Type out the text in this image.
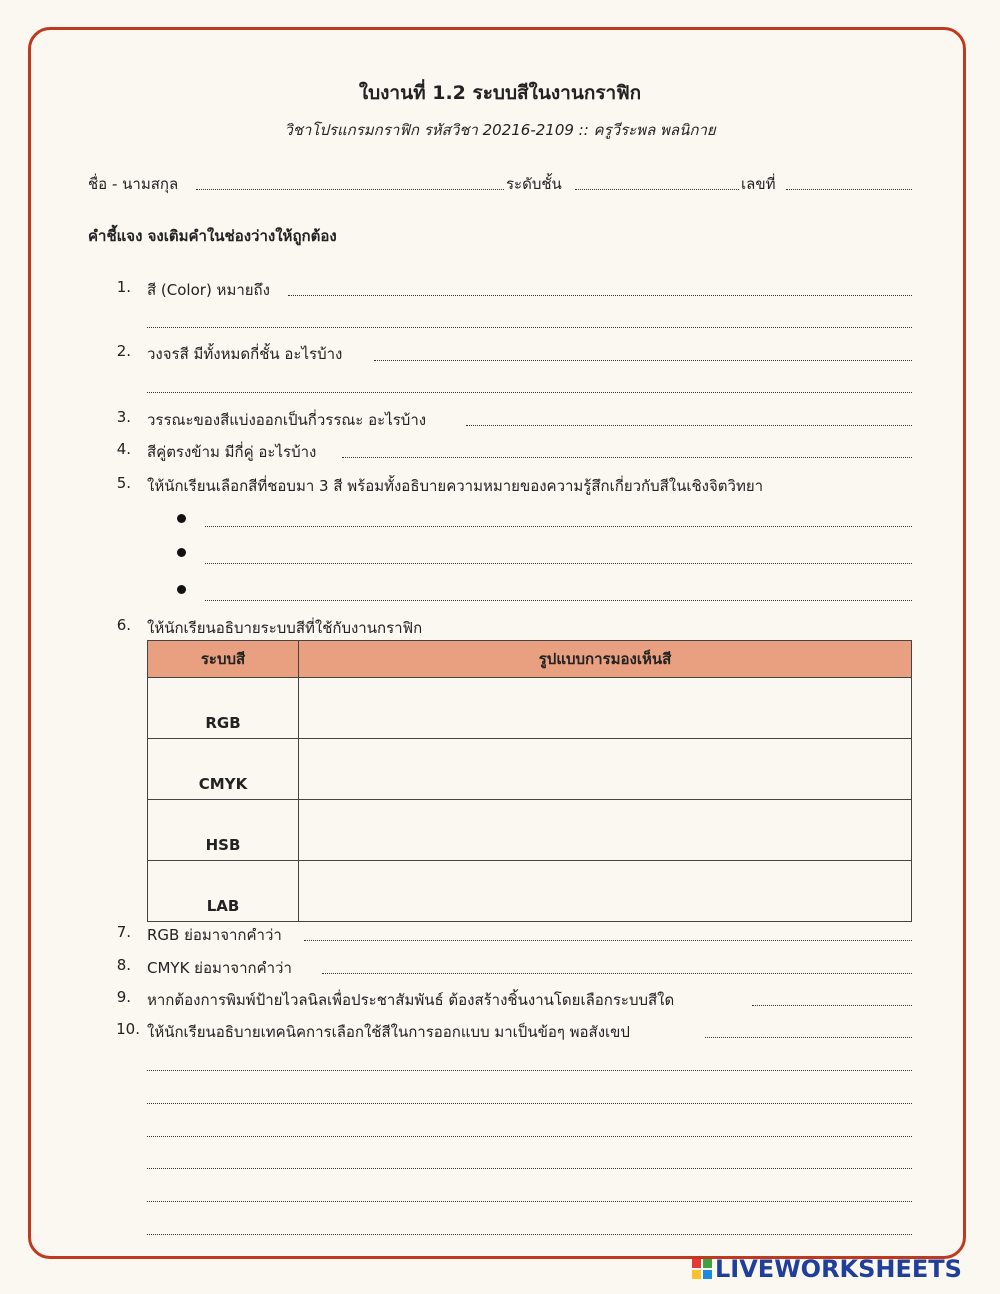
ใบงานที่ 1.2 ระบบสีในงานกราฟิก
วิชาโปรแกรมกราฟิก รหัสวิชา 20216-2109 :: ครูวีระพล พลนิกาย
ชื่อ - นามสกุล	ระดับชั้น	เลขที่
คำชี้แจง จงเติมคำในช่องว่างให้ถูกต้อง
1. สี (Color) หมายถึง
2. วงจรสี มีทั้งหมดกี่ชั้น อะไรบ้าง
3. วรรณะของสีแบ่งออกเป็นกี่วรรณะ อะไรบ้าง
4. สีคู่ตรงข้าม มีกี่คู่ อะไรบ้าง
5. ให้นักเรียนเลือกสีที่ชอบมา 3 สี พร้อมทั้งอธิบายความหมายของความรู้สึกเกี่ยวกับสีในเชิงจิตวิทยา
6. ให้นักเรียนอธิบายระบบสีที่ใช้กับงานกราฟิก
ระบบสี	รูปแบบการมองเห็นสี
RGB	
CMYK	
HSB	
LAB	
7. RGB ย่อมาจากคำว่า
8. CMYK ย่อมาจากคำว่า
9. หากต้องการพิมพ์ป้ายไวลนิลเพื่อประชาสัมพันธ์ ต้องสร้างชิ้นงานโดยเลือกระบบสีใด
10. ให้นักเรียนอธิบายเทคนิคการเลือกใช้สีในการออกแบบ มาเป็นข้อๆ พอสังเขป
LIVEWORKSHEETS
